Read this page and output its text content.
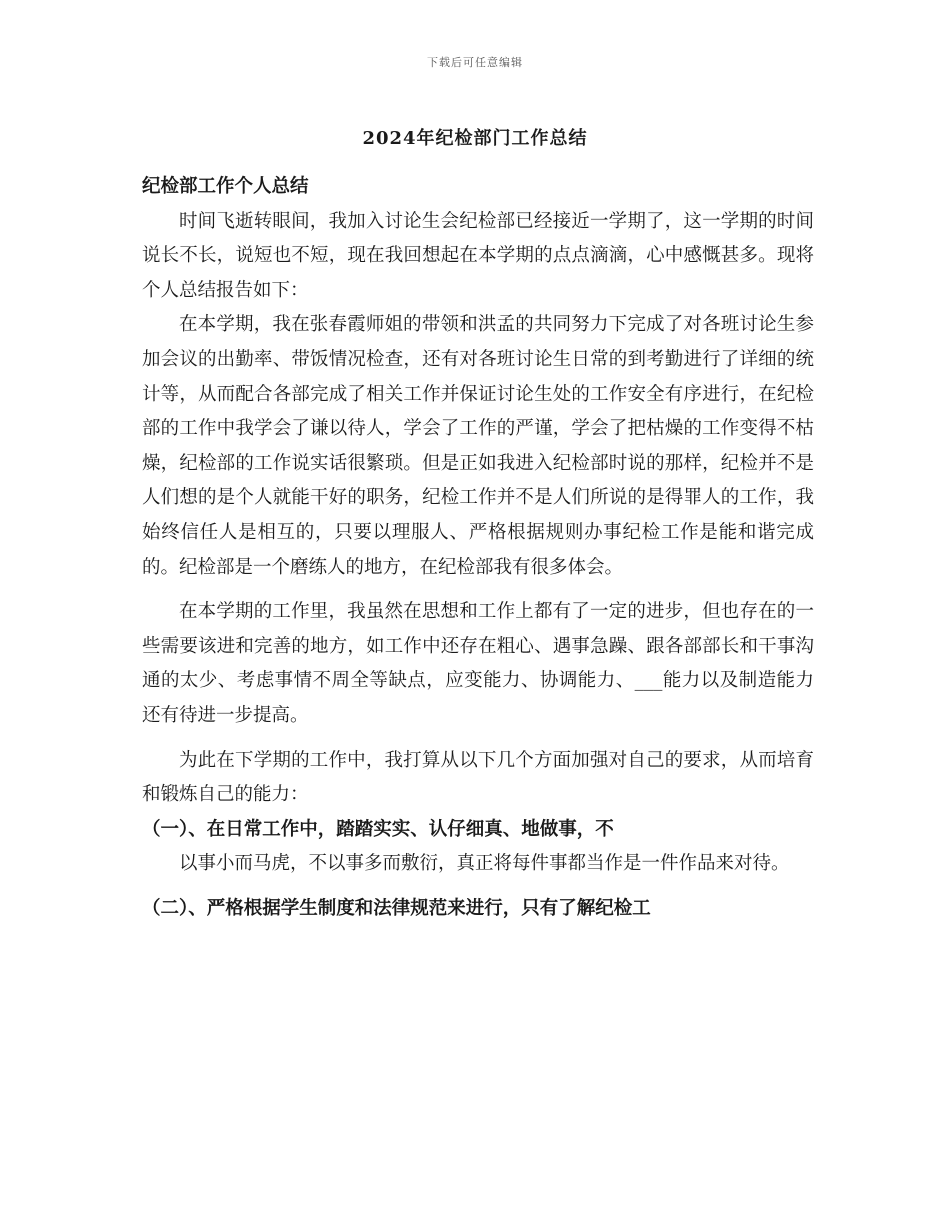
下载后可任意编辑
2024年纪检部门工作总结

纪检部工作个人总结

时间飞逝转眼间，我加入讨论生会纪检部已经接近一学期了，这一学期的时间说长不长，说短也不短，现在我回想起在本学期的点点滴滴，心中感慨甚多。现将个人总结报告如下：

在本学期，我在张春霞师姐的带领和洪孟的共同努力下完成了对各班讨论生参加会议的出勤率、带饭情况检查，还有对各班讨论生日常的到考勤进行了详细的统计等，从而配合各部完成了相关工作并保证讨论生处的工作安全有序进行，在纪检部的工作中我学会了谦以待人，学会了工作的严谨，学会了把枯燥的工作变得不枯燥，纪检部的工作说实话很繁琐。但是正如我进入纪检部时说的那样，纪检并不是人们想的是个人就能干好的职务，纪检工作并不是人们所说的是得罪人的工作，我始终信任人是相互的，只要以理服人、严格根据规则办事纪检工作是能和谐完成的。纪检部是一个磨练人的地方，在纪检部我有很多体会。

在本学期的工作里，我虽然在思想和工作上都有了一定的进步，但也存在的一些需要该进和完善的地方，如工作中还存在粗心、遇事急躁、跟各部部长和干事沟通的太少、考虑事情不周全等缺点，应变能力、协调能力、___能力以及制造能力还有待进一步提高。

为此在下学期的工作中，我打算从以下几个方面加强对自己的要求，从而培育和锻炼自己的能力：

（一）、在日常工作中，踏踏实实、认仔细真、地做事，不

以事小而马虎，不以事多而敷衍，真正将每件事都当作是一件作品来对待。

（二）、严格根据学生制度和法律规范来进行，只有了解纪检工
